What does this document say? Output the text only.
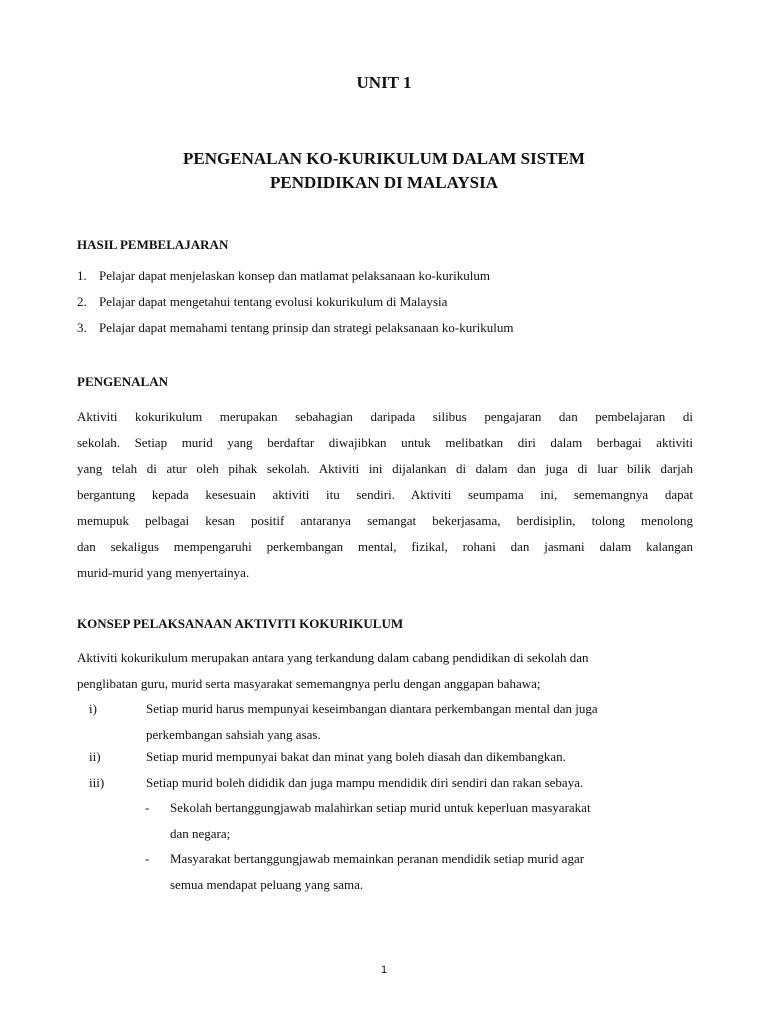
UNIT 1
PENGENALAN KO-KURIKULUM DALAM SISTEM
PENDIDIKAN DI MALAYSIA
HASIL PEMBELAJARAN
1. Pelajar dapat menjelaskan konsep dan matlamat pelaksanaan ko-kurikulum
2. Pelajar dapat mengetahui tentang evolusi kokurikulum di Malaysia
3. Pelajar dapat memahami tentang prinsip dan strategi pelaksanaan ko-kurikulum
PENGENALAN
Aktiviti kokurikulum merupakan sebahagian daripada silibus pengajaran dan pembelajaran di
sekolah. Setiap murid yang berdaftar diwajibkan untuk melibatkan diri dalam berbagai aktiviti
yang telah di atur oleh pihak sekolah. Aktiviti ini dijalankan di dalam dan juga di luar bilik darjah
bergantung kepada kesesuain aktiviti itu sendiri. Aktiviti seumpama ini, sememangnya dapat
memupuk pelbagai kesan positif antaranya semangat bekerjasama, berdisiplin, tolong menolong
dan sekaligus mempengaruhi perkembangan mental, fizikal, rohani dan jasmani dalam kalangan
murid-murid yang menyertainya.
KONSEP PELAKSANAAN AKTIVITI KOKURIKULUM
Aktiviti kokurikulum merupakan antara yang terkandung dalam cabang pendidikan di sekolah dan
penglibatan guru, murid serta masyarakat sememangnya perlu dengan anggapan bahawa;
i)	Setiap murid harus mempunyai keseimbangan diantara perkembangan mental dan juga
perkembangan sahsiah yang asas.
ii)	Setiap murid mempunyai bakat dan minat yang boleh diasah dan dikembangkan.
iii)	Setiap murid boleh dididik dan juga mampu mendidik diri sendiri dan rakan sebaya.
- Sekolah bertanggungjawab malahirkan setiap murid untuk keperluan masyarakat
dan negara;
- Masyarakat bertanggungjawab memainkan peranan mendidik setiap murid agar
semua mendapat peluang yang sama.
1
